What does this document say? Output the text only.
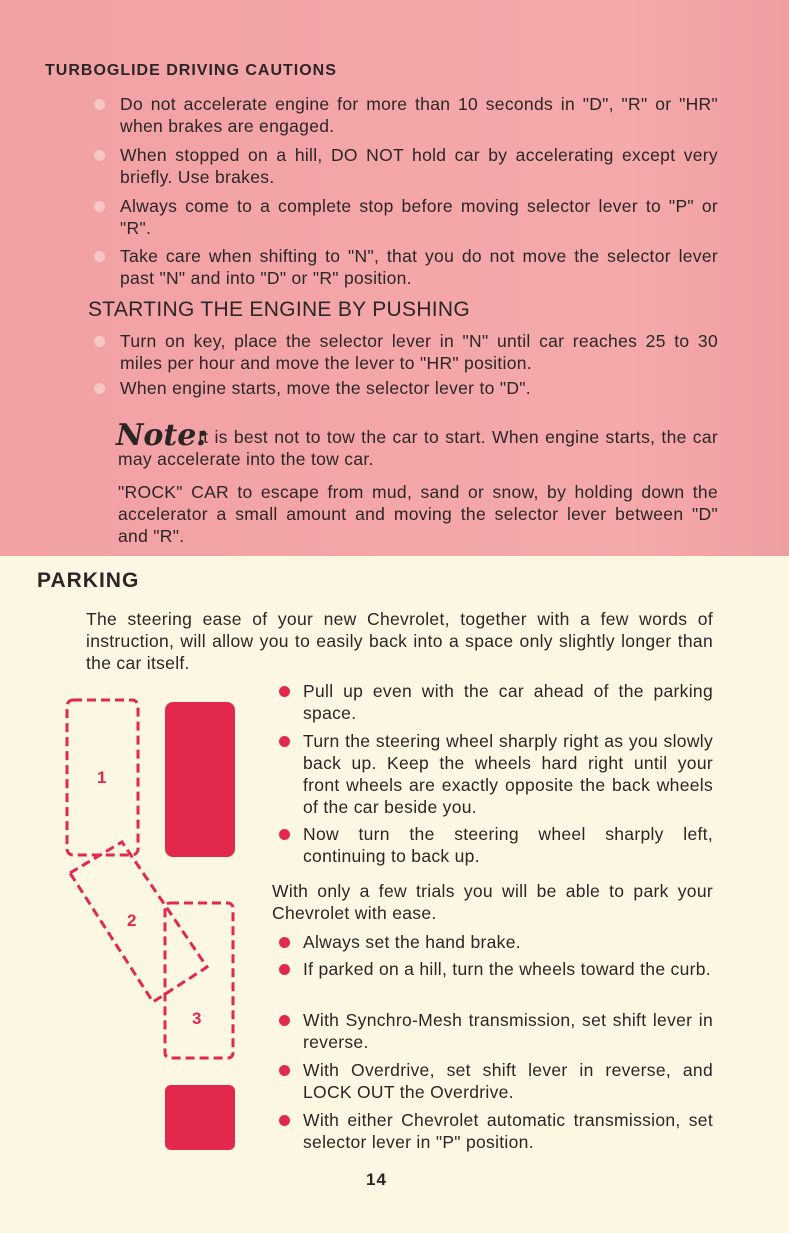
TURBOGLIDE DRIVING CAUTIONS
Do not accelerate engine for more than 10 seconds in "D", "R" or "HR" when brakes are engaged.
When stopped on a hill, DO NOT hold car by accelerating except very briefly. Use brakes.
Always come to a complete stop before moving selector lever to "P" or "R".
Take care when shifting to "N", that you do not move the selector lever past "N" and into "D" or "R" position.
STARTING THE ENGINE BY PUSHING
Turn on key, place the selector lever in "N" until car reaches 25 to 30 miles per hour and move the lever to "HR" position.
When engine starts, move the selector lever to "D".
It is best not to tow the car to start. When engine starts, the car may accelerate into the tow car.
Note:
"ROCK" CAR to escape from mud, sand or snow, by holding down the accelerator a small amount and moving the selector lever between "D" and "R".
PARKING
The steering ease of your new Chevrolet, together with a few words of instruction, will allow you to easily back into a space only slightly longer than the car itself.
1
2
3
Pull up even with the car ahead of the parking space.
Turn the steering wheel sharply right as you slowly back up. Keep the wheels hard right until your front wheels are exactly opposite the back wheels of the car beside you.
Now turn the steering wheel sharply left, continuing to back up.
With only a few trials you will be able to park your Chevrolet with ease.
Always set the hand brake.
If parked on a hill, turn the wheels toward the curb.
With Synchro-Mesh transmission, set shift lever in reverse.
With Overdrive, set shift lever in reverse, and LOCK OUT the Overdrive.
With either Chevrolet automatic transmission, set selector lever in "P" position.
14
